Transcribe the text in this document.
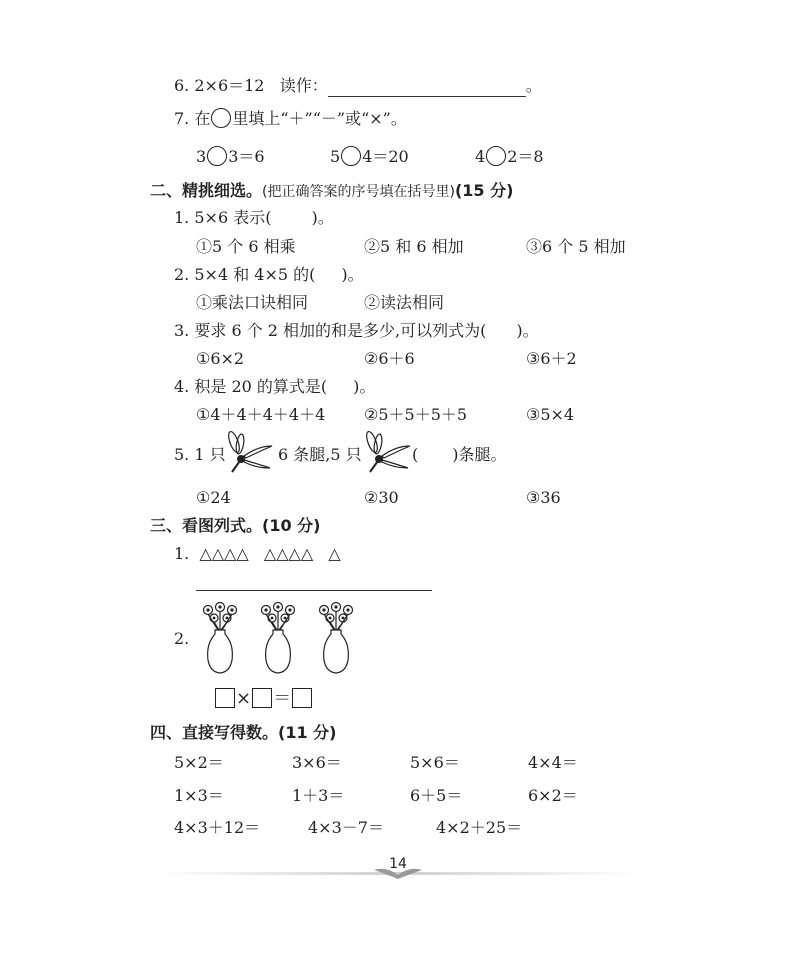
6. 2×6＝12 读作：	。
7. 在 里填上“＋”“－”或“×”。
3 3＝6	5 4＝20	4 2＝8
二、精挑细选。(把正确答案的序号填在括号里)(15 分)
1. 5×6 表示(	)。
①5 个 6 相乘	②5 和 6 相加	③6 个 5 相加
2. 5×4 和 4×5 的( )。
①乘法口诀相同	②读法相同
3. 要求 6 个 2 相加的和是多少,可以列式为( )。
①6×2	②6＋6	③6＋2
4. 积是 20 的算式是( )。
①4＋4＋4＋4＋4 ②5＋5＋5＋5	③5×4
5. 1 只	6 条腿,5 只	( )条腿。
①24	②30	③36
三、看图列式。(10 分)
1. △△△△ △△△△ △
2.
× ＝
四、直接写得数。(11 分)
5×2＝	3×6＝	5×6＝	4×4＝
1×3＝	1＋3＝	6＋5＝	6×2＝
4×3＋12＝	4×3－7＝	4×2＋25＝
14
